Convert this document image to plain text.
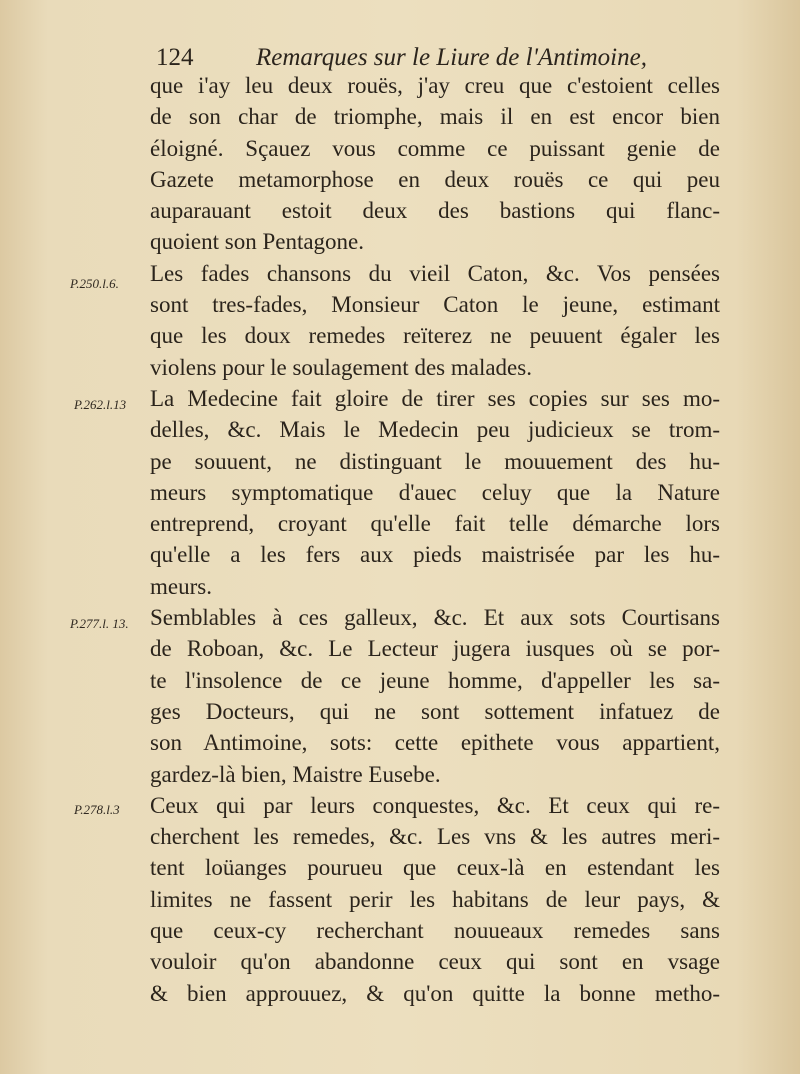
124	Remarques sur le Liure de l'Antimoine,
P.250.l.6.
P.262.l.13
P.277.l. 13.
P.278.l.3
que i'ay leu deux rouës, j'ay creu que c'estoient celles
de son char de triomphe, mais il en est encor bien
éloigné. Sçauez vous comme ce puissant genie de
Gazete metamorphose en deux rouës ce qui peu
auparauant estoit deux des bastions qui flanc-
quoient son Pentagone.
Les fades chansons du vieil Caton, &c. Vos pensées
sont tres-fades, Monsieur Caton le jeune, estimant
que les doux remedes reïterez ne peuuent égaler les
violens pour le soulagement des malades.
La Medecine fait gloire de tirer ses copies sur ses mo-
delles, &c. Mais le Medecin peu judicieux se trom-
pe souuent, ne distinguant le mouuement des hu-
meurs symptomatique d'auec celuy que la Nature
entreprend, croyant qu'elle fait telle démarche lors
qu'elle a les fers aux pieds maistrisée par les hu-
meurs.
Semblables à ces galleux, &c. Et aux sots Courtisans
de Roboan, &c. Le Lecteur jugera iusques où se por-
te l'insolence de ce jeune homme, d'appeller les sa-
ges Docteurs, qui ne sont sottement infatuez de
son Antimoine, sots: cette epithete vous appartient,
gardez-là bien, Maistre Eusebe.
Ceux qui par leurs conquestes, &c. Et ceux qui re-
cherchent les remedes, &c. Les vns & les autres meri-
tent loüanges pourueu que ceux-là en estendant les
limites ne fassent perir les habitans de leur pays, &
que ceux-cy recherchant nouueaux remedes sans
vouloir qu'on abandonne ceux qui sont en vsage
& bien approuuez, & qu'on quitte la bonne metho-
